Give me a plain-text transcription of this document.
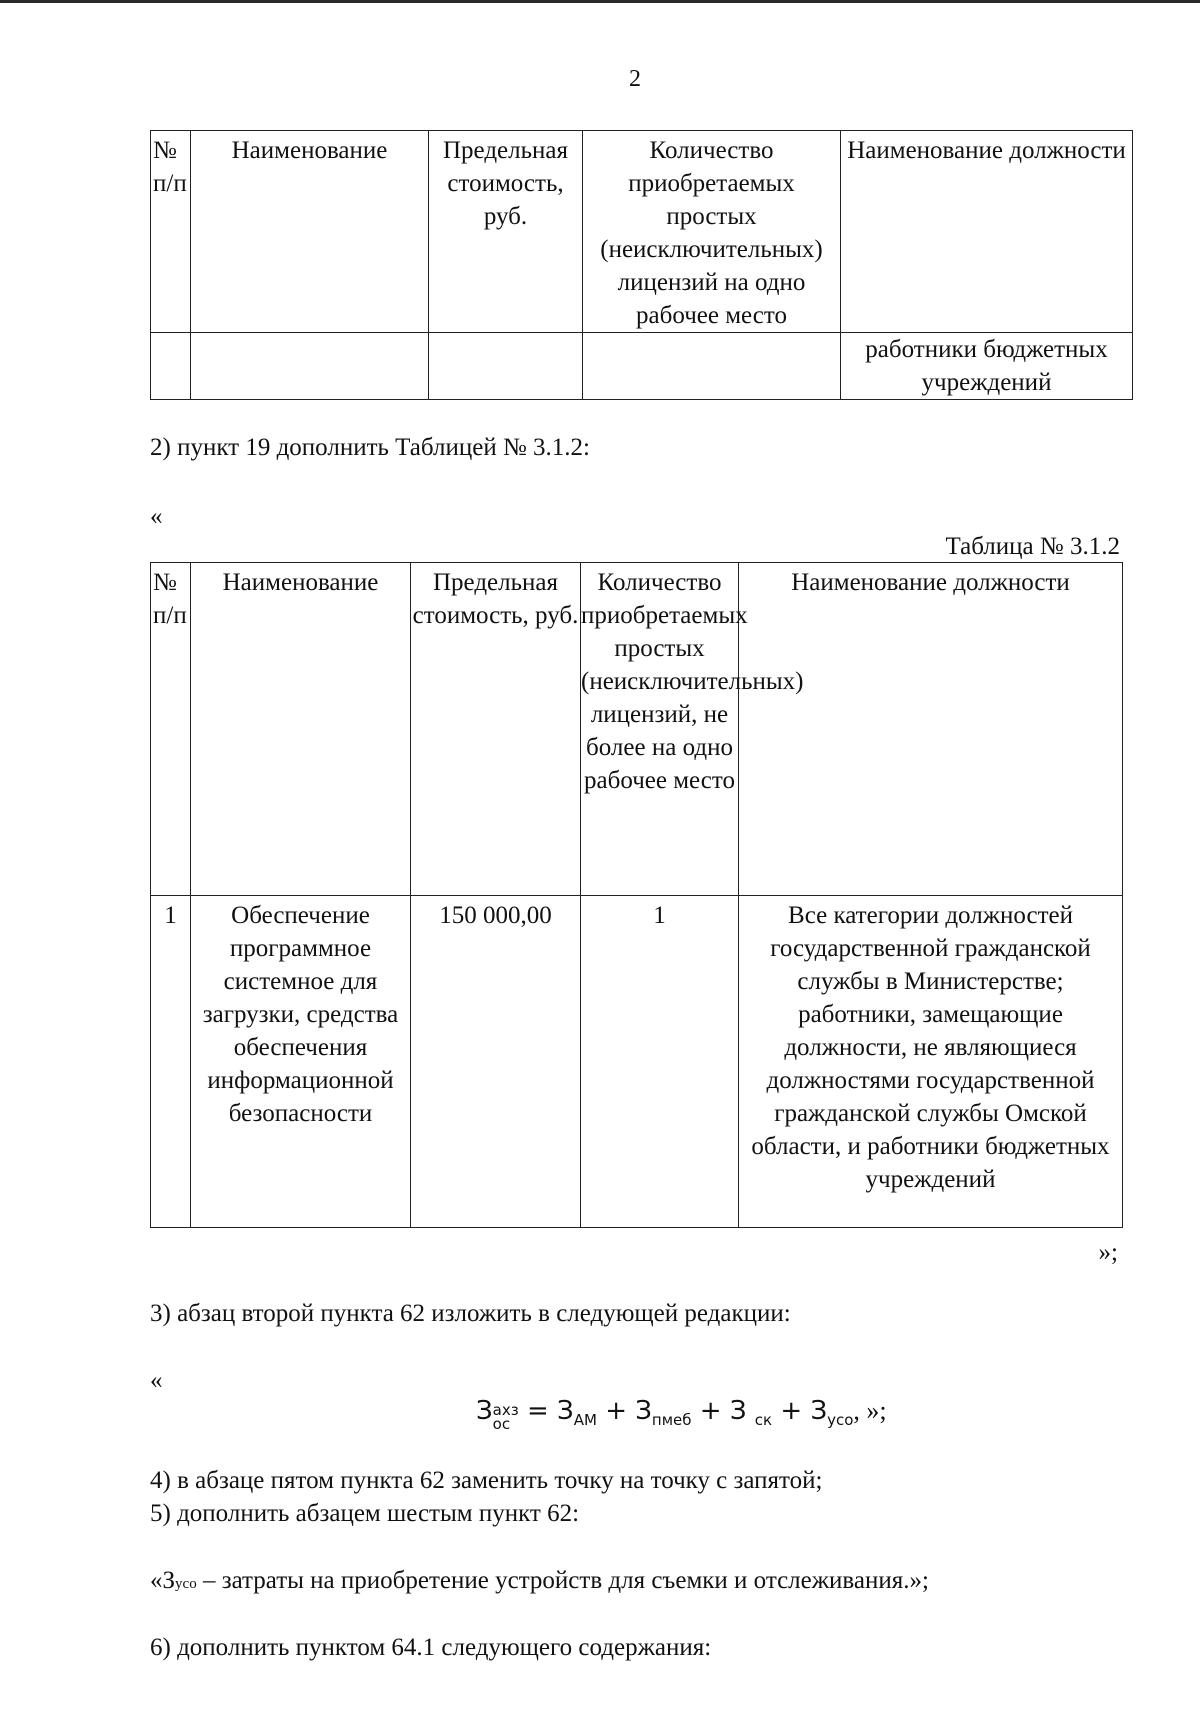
2
№ п/п	Наименование	Предельная стоимость, руб.	Количество приобретаемых простых (неисключительных) лицензий на одно рабочее место	Наименование должности
				работники бюджетных учреждений
2) пункт 19 дополнить Таблицей № 3.1.2:
«
Таблица № 3.1.2
№ п/п	Наименование	Предельная стоимость, руб.	Количество приобретаемых простых (неисключительных) лицензий, не более на одно рабочее место	Наименование должности
1	Обеспечение программное системное для загрузки, средства обеспечения информационной безопасности	150 000,00	1	Все категории должностей государственной гражданской службы в Министерстве; работники, замещающие должности, не являющиеся должностями государственной гражданской службы Омской области, и работники бюджетных учреждений
»;
3) абзац второй пункта 62 изложить в следующей редакции:
«
З ахз
ос = $З_{АМ} + З_{пмеб} + З$ $_{ск} + З_{усо}$, »;
4) в абзаце пятом пункта 62 заменить точку на точку с запятой;
5) дополнить абзацем шестым пункт 62:
«Зусо – затраты на приобретение устройств для съемки и отслеживания.»;
6) дополнить пунктом 64.1 следующего содержания:
